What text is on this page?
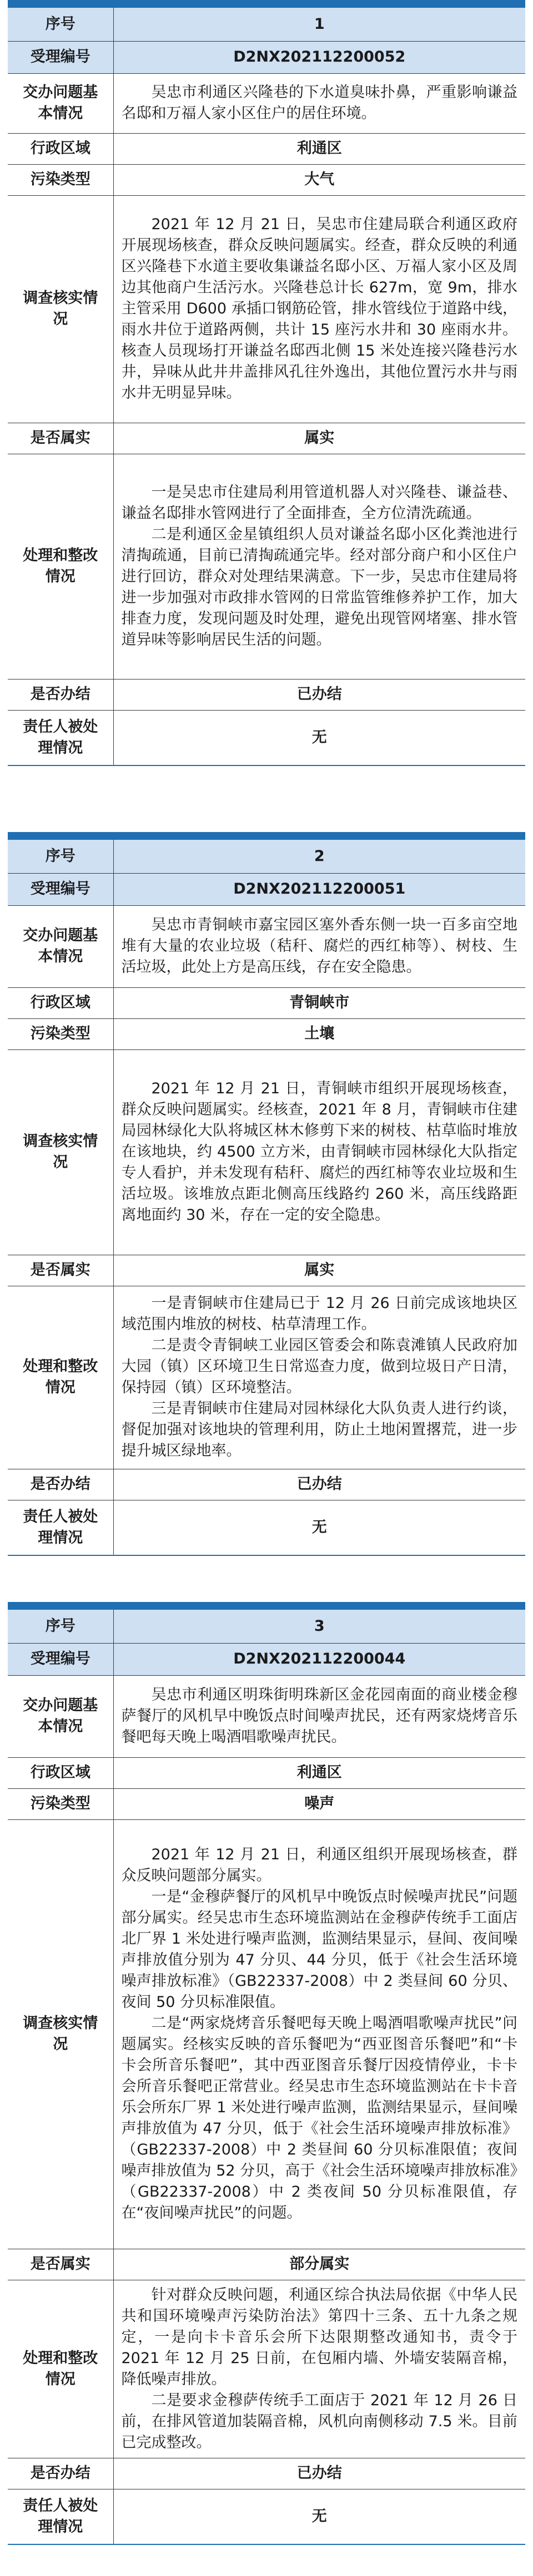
序号	1
受理编号	D2NX202112200052
交办问题基本情况	吴忠市利通区兴隆巷的下水道臭味扑鼻，严重影响谦益名邸和万福人家小区住户的居住环境。

行政区域	利通区
污染类型	大气
调查核实情况	2021 年 12 月 21 日，吴忠市住建局联合利通区政府开展现场核查，群众反映问题属实。经查，群众反映的利通区兴隆巷下水道主要收集谦益名邸小区、万福人家小区及周边其他商户生活污水。兴隆巷总计长 627m，宽 9m，排水主管采用 D600 承插口钢筋砼管，排水管线位于道路中线，雨水井位于道路两侧，共计 15 座污水井和 30 座雨水井。核查人员现场打开谦益名邸西北侧 15 米处连接兴隆巷污水井，异味从此井井盖排风孔往外逸出，其他位置污水井与雨水井无明显异味。

是否属实	属实
处理和整改情况	一是吴忠市住建局利用管道机器人对兴隆巷、谦益巷、谦益名邸排水管网进行了全面排查，全方位清洗疏通。

二是利通区金星镇组织人员对谦益名邸小区化粪池进行清掏疏通，目前已清掏疏通完毕。经对部分商户和小区住户进行回访，群众对处理结果满意。下一步，吴忠市住建局将进一步加强对市政排水管网的日常监管维修养护工作，加大排查力度，发现问题及时处理，避免出现管网堵塞、排水管道异味等影响居民生活的问题。

是否办结	已办结
责任人被处理情况	无
序号	2
受理编号	D2NX202112200051
交办问题基本情况	吴忠市青铜峡市嘉宝园区塞外香东侧一块一百多亩空地堆有大量的农业垃圾（秸秆、腐烂的西红柿等）、树枝、生活垃圾，此处上方是高压线，存在安全隐患。

行政区域	青铜峡市
污染类型	土壤
调查核实情况	2021 年 12 月 21 日，青铜峡市组织开展现场核查，群众反映问题属实。经核查，2021 年 8 月，青铜峡市住建局园林绿化大队将城区林木修剪下来的树枝、枯草临时堆放在该地块，约 4500 立方米，由青铜峡市园林绿化大队指定专人看护，并未发现有秸秆、腐烂的西红柿等农业垃圾和生活垃圾。该堆放点距北侧高压线路约 260 米，高压线路距离地面约 30 米，存在一定的安全隐患。

是否属实	属实
处理和整改情况	一是青铜峡市住建局已于 12 月 26 日前完成该地块区域范围内堆放的树枝、枯草清理工作。

二是责令青铜峡工业园区管委会和陈袁滩镇人民政府加大园（镇）区环境卫生日常巡查力度，做到垃圾日产日清，保持园（镇）区环境整洁。

三是青铜峡市住建局对园林绿化大队负责人进行约谈，督促加强对该地块的管理利用，防止土地闲置撂荒，进一步提升城区绿地率。

是否办结	已办结
责任人被处理情况	无
序号	3
受理编号	D2NX202112200044
交办问题基本情况	吴忠市利通区明珠街明珠新区金花园南面的商业楼金穆萨餐厅的风机早中晚饭点时间噪声扰民，还有两家烧烤音乐餐吧每天晚上喝酒唱歌噪声扰民。

行政区域	利通区
污染类型	噪声
调查核实情况	2021 年 12 月 21 日，利通区组织开展现场核查，群众反映问题部分属实。

一是“金穆萨餐厅的风机早中晚饭点时候噪声扰民”问题部分属实。经吴忠市生态环境监测站在金穆萨传统手工面店北厂界 1 米处进行噪声监测，监测结果显示，昼间、夜间噪声排放值分别为 47 分贝、44 分贝，低于《社会生活环境噪声排放标准》（GB22337-2008）中 2 类昼间 60 分贝、夜间 50 分贝标准限值。

二是“两家烧烤音乐餐吧每天晚上喝酒唱歌噪声扰民”问题属实。经核实反映的音乐餐吧为“西亚图音乐餐吧”和“卡卡会所音乐餐吧”，其中西亚图音乐餐厅因疫情停业，卡卡会所音乐餐吧正常营业。经吴忠市生态环境监测站在卡卡音乐会所东厂界 1 米处进行噪声监测，监测结果显示，昼间噪声排放值为 47 分贝，低于《社会生活环境噪声排放标准》（GB22337-2008）中 2 类昼间 60 分贝标准限值；夜间噪声排放值为 52 分贝，高于《社会生活环境噪声排放标准》（GB22337-2008）中 2 类夜间 50 分贝标准限值，存在“夜间噪声扰民”的问题。

是否属实	部分属实
处理和整改情况	针对群众反映问题，利通区综合执法局依据《中华人民共和国环境噪声污染防治法》第四十三条、五十九条之规定，一是向卡卡音乐会所下达限期整改通知书，责令于 2021 年 12 月 25 日前，在包厢内墙、外墙安装隔音棉，降低噪声排放。

二是要求金穆萨传统手工面店于 2021 年 12 月 26 日前，在排风管道加装隔音棉，风机向南侧移动 7.5 米。目前已完成整改。

是否办结	已办结
责任人被处理情况	无
